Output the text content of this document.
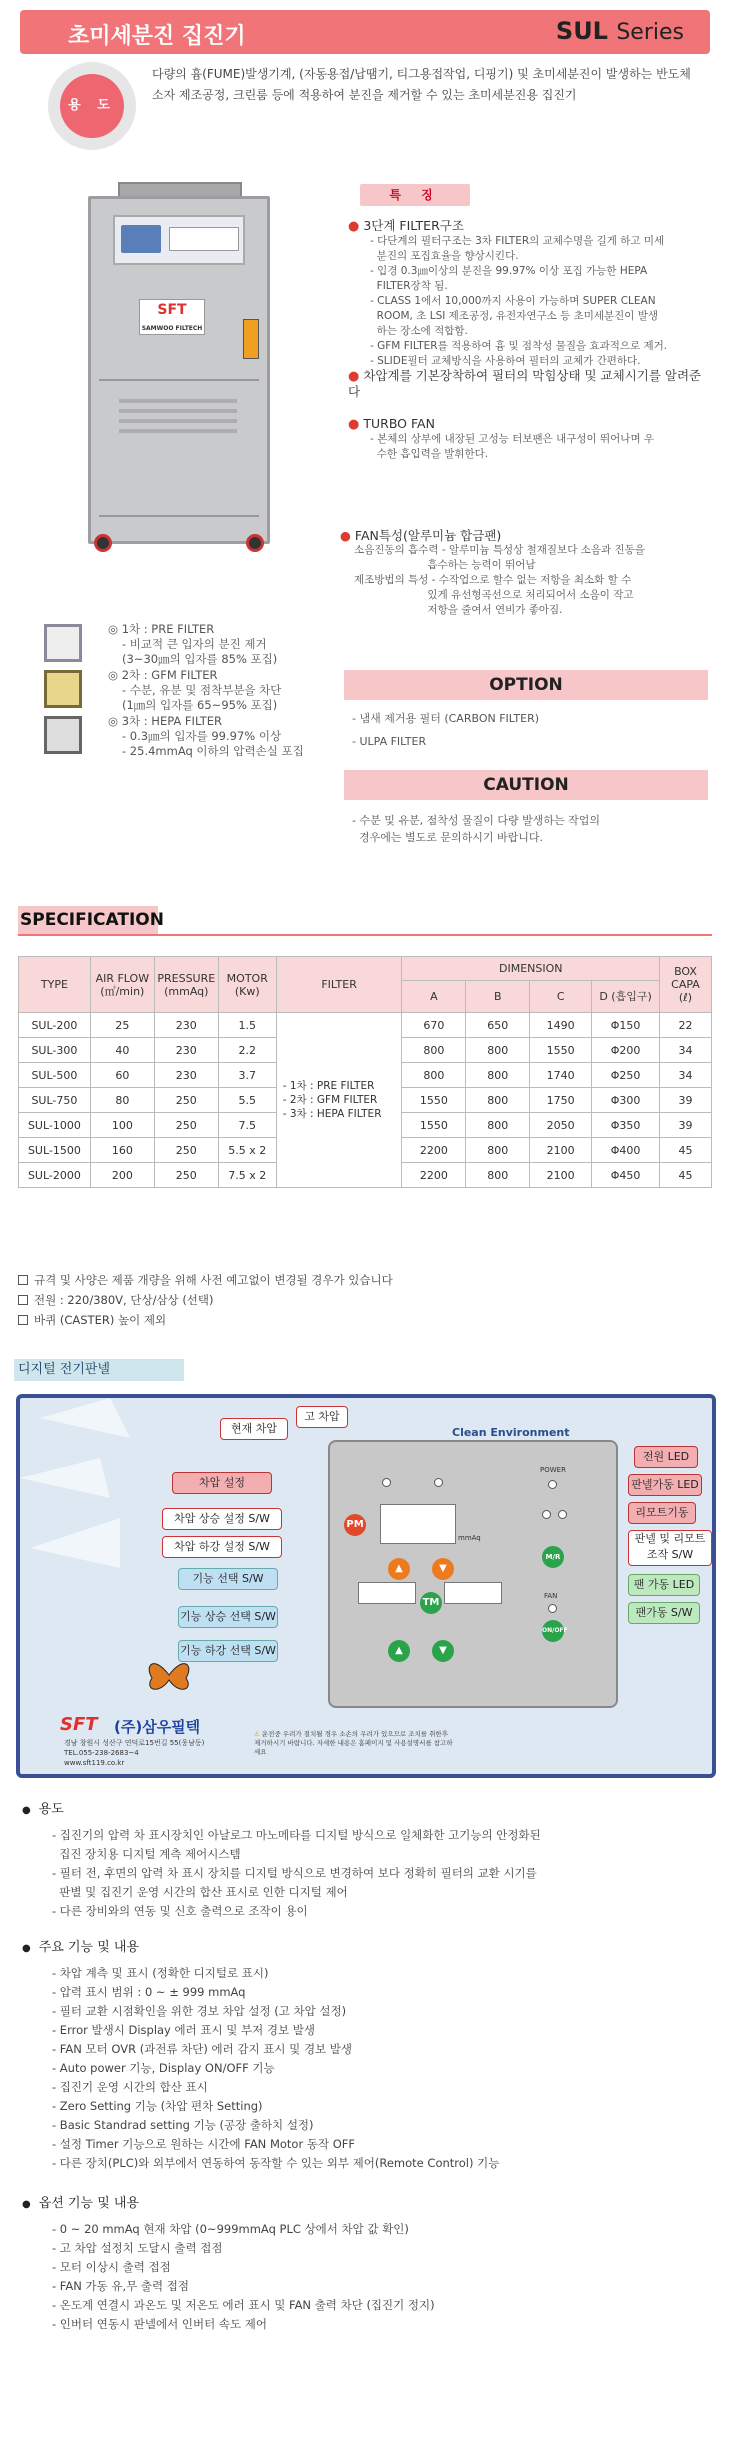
초미세분진 집진기	SUL Series
용 도
다량의 흄(FUME)발생기계, (자동용접/납땜기, 티그용접작업, 디핑기) 및 초미세분진이 발생하는 반도체 소자 제조공정, 크린룸 등에 적용하여 분진을 제거할 수 있는 초미세분진용 집진기
SFT
SAMWOO FILTECH
특 징
● 3단계 FILTER구조
- 다단계의 필터구조는 3차 FILTER의 교체수명을 길게 하고 미세
분진의 포집효율을 향상시킨다.
- 입경 0.3㎛이상의 분진을 99.97% 이상 포집 가능한 HEPA
FILTER장착 됨.
- CLASS 1에서 10,000까지 사용이 가능하며 SUPER CLEAN
ROOM, 초 LSI 제조공정, 유전자연구소 등 초미세분진이 발생
하는 장소에 적합함.
- GFM FILTER를 적용하여 흄 및 점착성 물질을 효과적으로 제거.
- SLIDE필터 교체방식을 사용하여 필터의 교체가 간편하다.
● 차압계를 기본장착하여 필터의 막힘상태 및 교체시기를 알려준다
● TURBO FAN
- 본체의 상부에 내장된 고성능 터보팬은 내구성이 뛰어나며 우
수한 흡입력을 발휘한다.
● FAN특성(알루미늄 합금팬)
소음진동의 흡수력 - 알루미늄 특성상 철재질보다 소음과 진동을
흡수하는 능력이 뛰어남
제조방법의 특성 - 수작업으로 할수 없는 저항을 최소화 할 수
있게 유선형곡선으로 처리되어서 소음이 작고
저항을 줄여서 연비가 좋아짐.
◎ 1차 : PRE FILTER
- 비교적 큰 입자의 분진 제거
(3~30㎛의 입자를 85% 포집)
◎ 2차 : GFM FILTER
- 수분, 유분 및 점착부분을 차단
(1㎛의 입자를 65~95% 포집)
◎ 3차 : HEPA FILTER
- 0.3㎛의 입자를 99.97% 이상
- 25.4mmAq 이하의 압력손실 포집
OPTION
- 냄새 제거용 필터 (CARBON FILTER)
- ULPA FILTER
CAUTION
- 수분 및 유분, 점착성 물질이 다량 발생하는 작업의
경우에는 별도로 문의하시기 바랍니다.
SPECIFICATION
TYPE	AIR FLOW
(㎥/min)	PRESSURE
(mmAq)	MOTOR
(Kw)	FILTER	DIMENSION				BOX
CAPA
(ℓ)
					A	B	C	D (흡입구)	
SUL-200	25	230	1.5	- 1차 : PRE FILTER
- 2차 : GFM FILTER
- 3차 : HEPA FILTER	670	650	1490	Φ150	22
SUL-300	40	230	2.2		800	800	1550	Φ200	34
SUL-500	60	230	3.7		800	800	1740	Φ250	34
SUL-750	80	250	5.5		1550	800	1750	Φ300	39
SUL-1000	100	250	7.5		1550	800	2050	Φ350	39
SUL-1500	160	250	5.5 x 2		2200	800	2100	Φ400	45
SUL-2000	200	250	7.5 x 2		2200	800	2100	Φ450	45
규격 및 사양은 제품 개량을 위해 사전 예고없이 변경될 경우가 있습니다
전원 : 220/380V, 단상/삼상 (선택)
바퀴 (CASTER) 높이 제외
디지털 전기판넬
Clean Environment
mmAq
PM
▲	▼
TM
▲	▼
POWER
M/R
FAN
ON/OFF
차압 설정
차압 상승 설정 S/W
차압 하강 설정 S/W
기능 선택 S/W
기능 상승 선택 S/W
기능 하강 선택 S/W
전원 LED
판넬가동 LED
리모트기동
판넬 및 리모트
조작 S/W
팬 가동 LED
팬가동 S/W
현재 차압
고 차압
SFT (주)삼우필텍
경남 창원시 성산구 연덕로15번길 55(웅남동)
TEL.055-238-2683~4
www.sft119.co.kr
⚠ 운전중 우려가 절치될 경우 소손의 우려가 있으므로 조치를 취한후 제거하시기 바랍니다. 자세한 내용은 홈페이지 및 사용설명서를 참고하세요
● 용도
- 집진기의 압력 차 표시장치인 아날로그 마노메타를 디지털 방식으로 일체화한 고기능의 안정화된
집진 장치용 디지털 계측 제어시스템
- 필터 전, 후면의 압력 차 표시 장치를 디지털 방식으로 변경하여 보다 정확히 필터의 교환 시기를
판별 및 집진기 운영 시간의 합산 표시로 인한 디지털 제어
- 다른 장비와의 연동 및 신호 출력으로 조작이 용이
● 주요 기능 및 내용
- 차압 계측 및 표시 (정확한 디지털로 표시)
- 압력 표시 범위 : 0 ~ ± 999 mmAq
- 필터 교환 시점확인을 위한 경보 차압 설정 (고 차압 설정)
- Error 발생시 Display 에러 표시 및 부저 경보 발생
- FAN 모터 OVR (과전류 차단) 에러 감지 표시 및 경보 발생
- Auto power 기능, Display ON/OFF 기능
- 집진기 운영 시간의 합산 표시
- Zero Setting 기능 (차압 편차 Setting)
- Basic Standrad setting 기능 (공장 출하치 설정)
- 설정 Timer 기능으로 원하는 시간에 FAN Motor 동작 OFF
- 다른 장치(PLC)와 외부에서 연동하여 동작할 수 있는 외부 제어(Remote Control) 기능
● 옵션 기능 및 내용
- 0 ~ 20 mmAq 현재 차압 (0~999mmAq PLC 상에서 차압 값 확인)
- 고 차압 설정치 도달시 출력 접점
- 모터 이상시 출력 접점
- FAN 가동 유,무 출력 접점
- 온도계 연결시 과온도 및 저온도 에러 표시 및 FAN 출력 차단 (집진기 정지)
- 인버터 연동시 판넬에서 인버터 속도 제어
